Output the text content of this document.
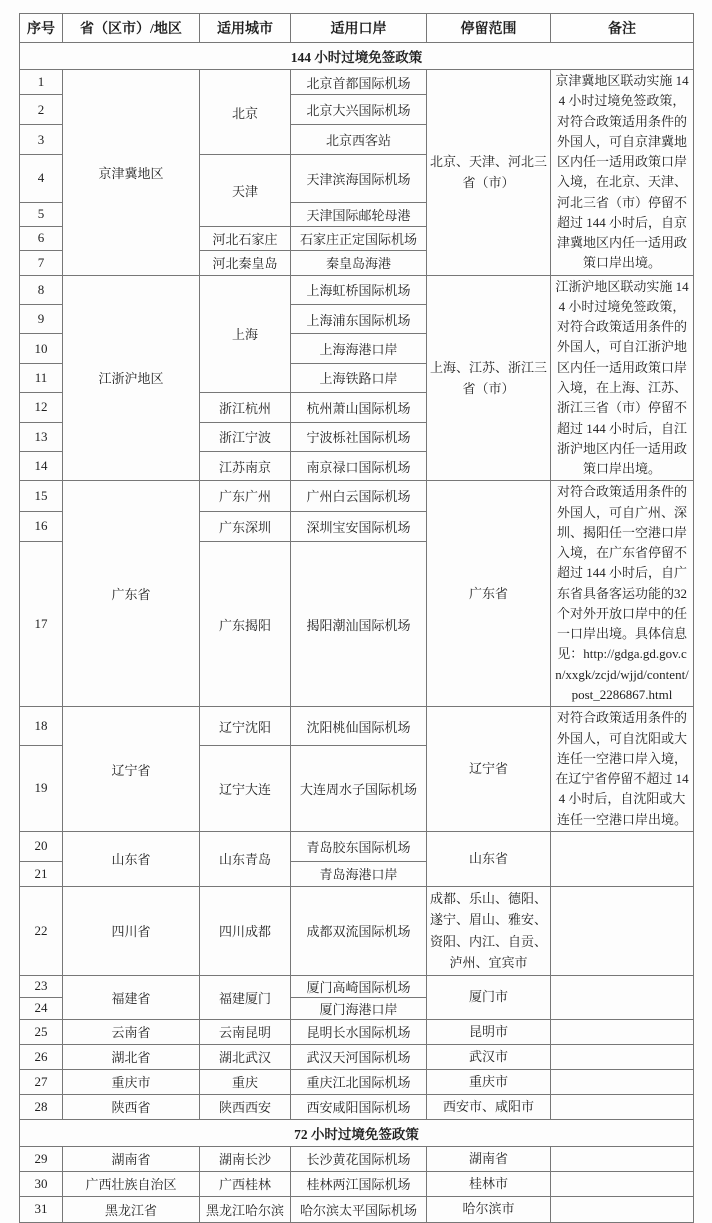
序号	省（区市）/地区	适用城市	适用口岸	停留范围	备注
144 小时过境免签政策					
1	京津冀地区	北京	北京首都国际机场	北京、天津、河北三省（市）	京津冀地区联动实施 144 小时过境免签政策，对符合政策适用条件的外国人，可自京津冀地区内任一适用政策口岸入境，在北京、天津、河北三省（市）停留不超过 144 小时后，自京津冀地区内任一适用政策口岸出境。
2			北京大兴国际机场		
3			北京西客站		
4		天津	天津滨海国际机场		
5			天津国际邮轮母港		
6		河北石家庄	石家庄正定国际机场		
7		河北秦皇岛	秦皇岛海港		
8	江浙沪地区	上海	上海虹桥国际机场	上海、江苏、浙江三省（市）	江浙沪地区联动实施 144 小时过境免签政策，对符合政策适用条件的外国人，可自江浙沪地区内任一适用政策口岸入境，在上海、江苏、浙江三省（市）停留不超过 144 小时后，自江浙沪地区内任一适用政策口岸出境。
9			上海浦东国际机场		
10			上海海港口岸		
11			上海铁路口岸		
12		浙江杭州	杭州萧山国际机场		
13		浙江宁波	宁波栎社国际机场		
14		江苏南京	南京禄口国际机场		
15	广东省	广东广州	广州白云国际机场	广东省	对符合政策适用条件的外国人，可自广州、深圳、揭阳任一空港口岸入境，在广东省停留不超过 144 小时后，自广东省具备客运功能的32 个对外开放口岸中的任一口岸出境。具体信息见：http://gdga.gd.gov.cn/xxgk/zcjd/wjjd/content/post_2286867.html
16		广东深圳	深圳宝安国际机场		
17		广东揭阳	揭阳潮汕国际机场		
18	辽宁省	辽宁沈阳	沈阳桃仙国际机场	辽宁省	对符合政策适用条件的外国人，可自沈阳或大连任一空港口岸入境，在辽宁省停留不超过 144 小时后，自沈阳或大连任一空港口岸出境。
19		辽宁大连	大连周水子国际机场		
20	山东省	山东青岛	青岛胶东国际机场	山东省	
21			青岛海港口岸		
22	四川省	四川成都	成都双流国际机场	成都、乐山、德阳、遂宁、眉山、雅安、资阳、内江、自贡、泸州、宜宾市	
23	福建省	福建厦门	厦门高崎国际机场	厦门市	
24			厦门海港口岸		
25	云南省	云南昆明	昆明长水国际机场	昆明市	
26	湖北省	湖北武汉	武汉天河国际机场	武汉市	
27	重庆市	重庆	重庆江北国际机场	重庆市	
28	陕西省	陕西西安	西安咸阳国际机场	西安市、咸阳市	
72 小时过境免签政策					
29	湖南省	湖南长沙	长沙黄花国际机场	湖南省	
30	广西壮族自治区	广西桂林	桂林两江国际机场	桂林市	
31	黑龙江省	黑龙江哈尔滨	哈尔滨太平国际机场	哈尔滨市	
